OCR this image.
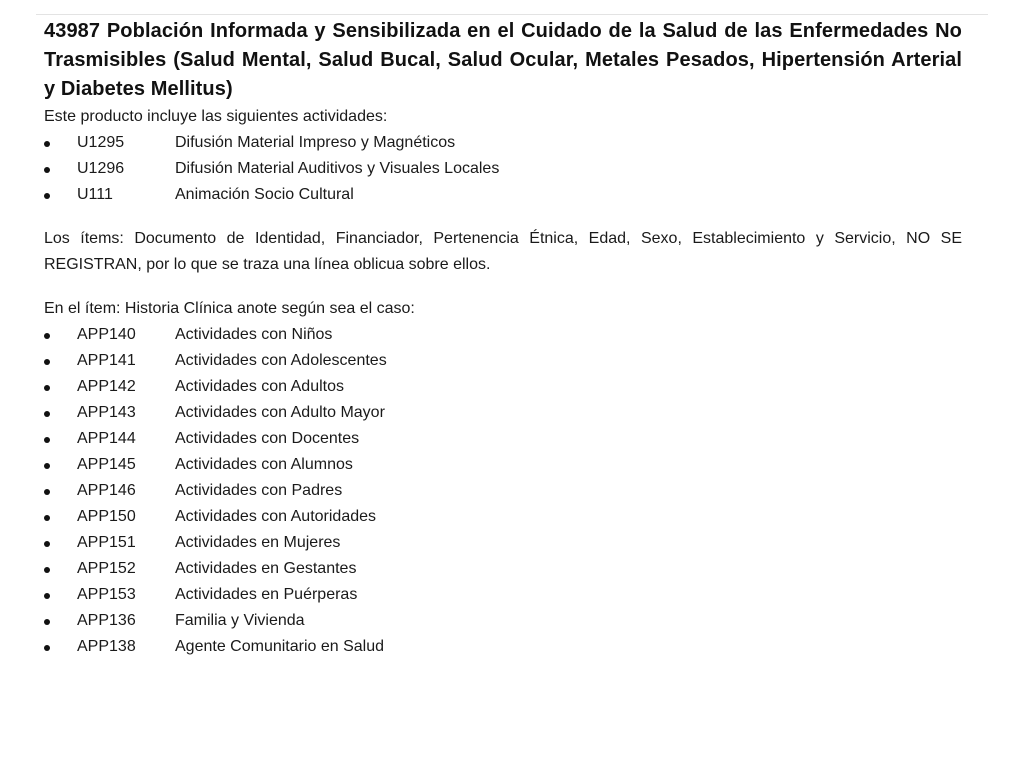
43987 Población Informada y Sensibilizada en el Cuidado de la Salud de las Enfermedades No Trasmisibles (Salud Mental, Salud Bucal, Salud Ocular, Metales Pesados, Hipertensión Arterial y Diabetes Mellitus)

Este producto incluye las siguientes actividades:

U1295	Difusión Material Impreso y Magnéticos
U1296	Difusión Material Auditivos y Visuales Locales
U111	Animación Socio Cultural

Los ítems: Documento de Identidad, Financiador, Pertenencia Étnica, Edad, Sexo, Establecimiento y Servicio, NO SE REGISTRAN, por lo que se traza una línea oblicua sobre ellos.

En el ítem: Historia Clínica anote según sea el caso:

APP140 Actividades con Niños
APP141 Actividades con Adolescentes
APP142 Actividades con Adultos
APP143 Actividades con Adulto Mayor
APP144 Actividades con Docentes
APP145 Actividades con Alumnos
APP146 Actividades con Padres
APP150 Actividades con Autoridades
APP151 Actividades en Mujeres
APP152 Actividades en Gestantes
APP153 Actividades en Puérperas
APP136 Familia y Vivienda
APP138 Agente Comunitario en Salud
